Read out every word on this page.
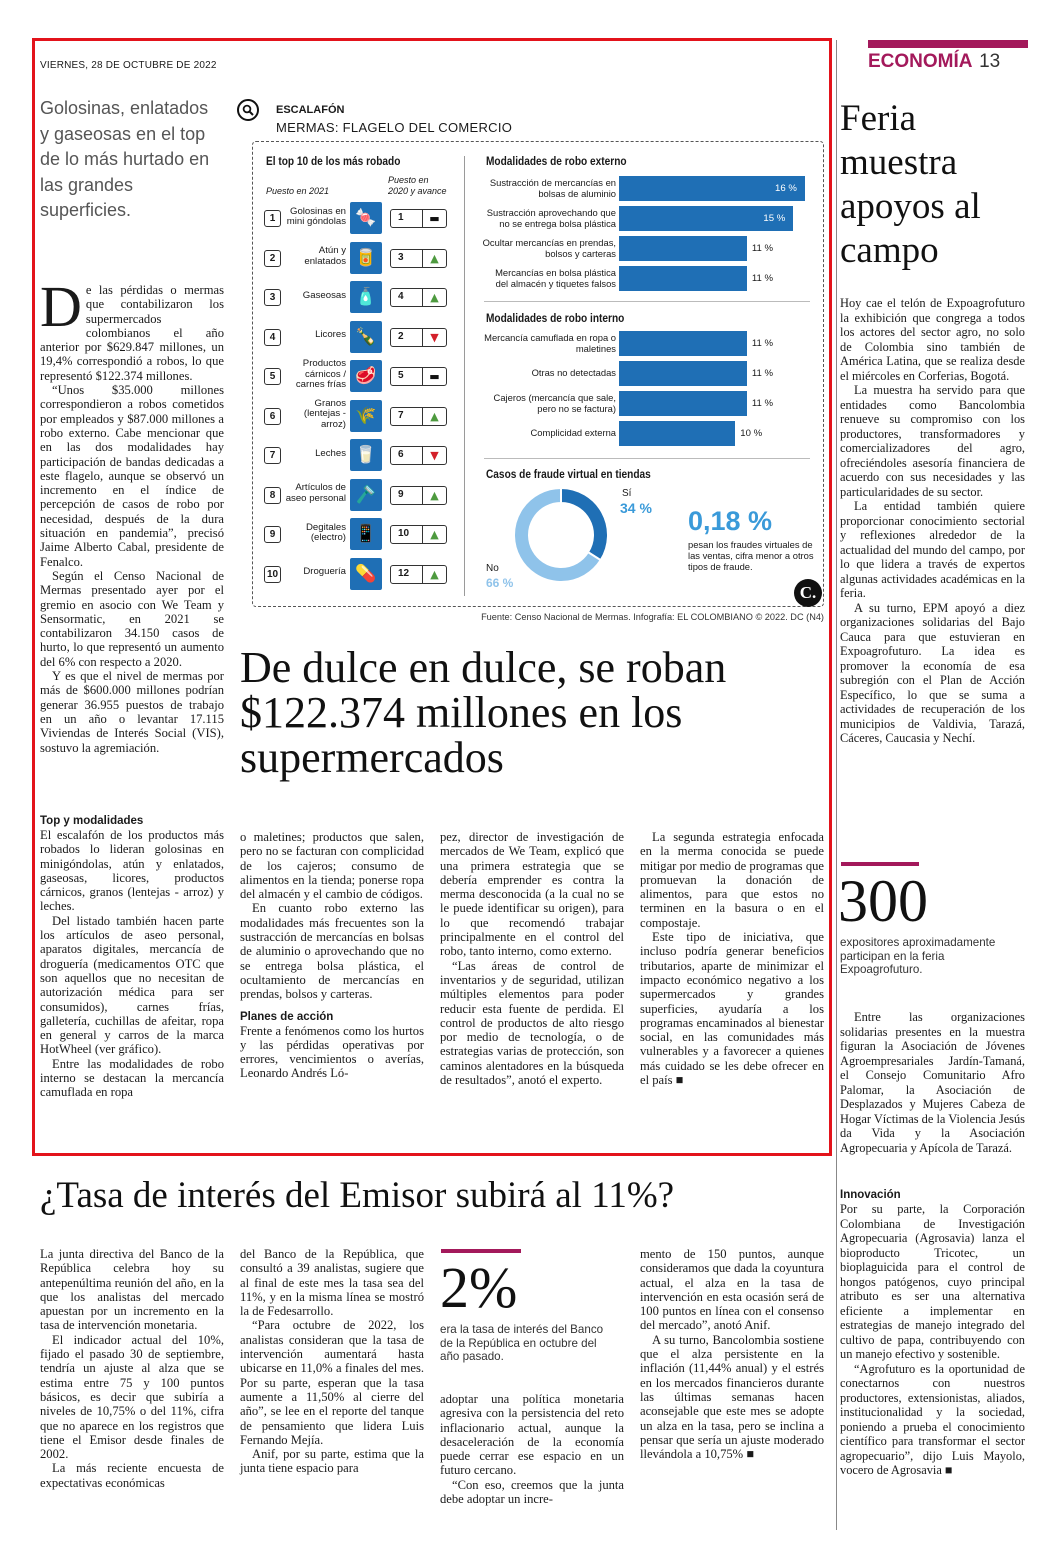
VIERNES, 28 DE OCTUBRE DE 2022	ECONOMÍA 13
Golosinas, enlatados y gaseosas en el top de lo más hurtado en las grandes superficies.
D e las pérdidas o mermas que contabilizaron los supermercados colombianos el año anterior por $629.847 millones, un 19,4% correspondió a robos, lo que representó $122.374 millones.

“Unos $35.000 millones correspondieron a robos cometidos por empleados y $87.000 millones a robo externo. Cabe mencionar que en las dos modalidades hay participación de bandas dedicadas a este flagelo, aunque se observó un incremento en el índice de percepción de casos de robo por necesidad, después de la dura situación en pandemia”, precisó Jaime Alberto Cabal, presidente de Fenalco.

Según el Censo Nacional de Mermas presentado ayer por el gremio en asocio con We Team y Sensormatic, en 2021 se contabilizaron 34.150 casos de hurto, lo que representó un aumento del 6% con respecto a 2020.

Y es que el nivel de mermas por más de $600.000 millones podrían generar 36.955 puestos de trabajo en un año o levantar 17.115 Viviendas de Interés Social (VIS), sostuvo la agremiación.

ESCALAFÓN
MERMAS: FLAGELO DEL COMERCIO
El top 10 de los más robado
Puesto en 2021
Puesto en 2020 y avance
1
Golosinas en mini góndolas 🍬	1	▬
2
Atún y enlatados 🥫	3	▲
3	Gaseosas 🧴	4	▲
4	Licores 🍾	2	▼
5
Productos cárnicos / carnes frías 🥩	5	▬
6
Granos (lentejas - arroz) 🌾	7	▲
7	Leches 🥛	6	▼
8
Artículos de aseo personal 🪒	9	▲
9
Degitales (electro) 📱	10	▲
10	Droguería 💊	12	▲
Modalidades de robo externo
Sustracción de mercancías en bolsas de aluminio	16 %
Sustracción aprovechando que no se entrega bolsa plástica	15 %
Ocultar mercancías en prendas, bolsos y carteras	11 %
Mercancías en bolsa plástica del almacén y tiquetes falsos	11 %
Modalidades de robo interno
Mercancía camuflada en ropa o maletines	11 %
Otras no detectadas	11 %
Cajeros (mercancía que sale, pero no se factura)	11 %
Complicidad externa	10 %
Casos de fraude virtual en tiendas
Sí
34 %
No
66 %
0,18 %
pesan los fraudes virtuales de las ventas, cifra menor a otros tipos de fraude.
C.
Fuente: Censo Nacional de Mermas. Infografía: EL COLOMBIANO © 2022. DC (N4)
De dulce en dulce, se roban $122.374 millones en los supermercados
Top y modalidades

El escalafón de los productos más robados lo lideran golosinas en minigóndolas, atún y enlatados, gaseosas, licores, productos cárnicos, granos (lentejas - arroz) y leches.

Del listado también hacen parte los artículos de aseo personal, aparatos digitales, mercancía de droguería (medicamentos OTC que son aquellos que no necesitan de autorización médica para ser consumidos), carnes frías, galletería, cuchillas de afeitar, ropa en general y carros de la marca HotWheel (ver gráfico).

Entre las modalidades de robo interno se destacan la mercancía camuflada en ropa

o maletines; productos que salen, pero no se facturan con complicidad de los cajeros; consumo de alimentos en la tienda; ponerse ropa del almacén y el cambio de códigos.

En cuanto robo externo las modalidades más frecuentes son la sustracción de mercancías en bolsas de aluminio o aprovechando que no se entrega bolsa plástica, el ocultamiento de mercancías en prendas, bolsos y carteras.

Planes de acción

Frente a fenómenos como los hurtos y las pérdidas operativas por errores, vencimientos o averías, Leonardo Andrés Ló-

pez, director de investigación de mercados de We Team, explicó que una primera estrategia que se debería emprender es contra la merma desconocida (a la cual no se le puede identificar su origen), para lo que recomendó trabajar principalmente en el control del robo, tanto interno, como externo.

“Las áreas de control de inventarios y de seguridad, utilizan múltiples elementos para poder reducir esta fuente de perdida. El control de productos de alto riesgo por medio de tecnología, o de estrategias varias de protección, son caminos alentadores en la búsqueda de resultados”, anotó el experto.

La segunda estrategia enfocada en la merma conocida se puede mitigar por medio de programas que promuevan la donación de alimentos, para que estos no terminen en la basura o en el compostaje.

Este tipo de iniciativa, que incluso podría generar beneficios tributarios, aparte de minimizar el impacto económico negativo a los supermercados y grandes superficies, ayudaría a los programas encaminados al bienestar social, en las comunidades más vulnerables y a favorecer a quienes más cuidado se les debe ofrecer en el país ■

Feria muestra apoyos al campo

Hoy cae el telón de Expoagrofuturo la exhibición que congrega a todos los actores del sector agro, no solo de Colombia sino también de América Latina, que se realiza desde el miércoles en Corferias, Bogotá.

La muestra ha servido para que entidades como Bancolombia renueve su compromiso con los productores, transformadores y comercializadores del agro, ofreciéndoles asesoría financiera de acuerdo con sus necesidades y las particularidades de su sector.

La entidad también quiere proporcionar conocimiento sectorial y reflexiones alrededor de la actualidad del mundo del campo, por lo que lidera a través de expertos algunas actividades académicas en la feria.

A su turno, EPM apoyó a diez organizaciones solidarias del Bajo Cauca para que estuvieran en Expoagrofuturo. La idea es promover la economía de esa subregión con el Plan de Acción Específico, lo que se suma a actividades de recuperación de los municipios de Valdivia, Tarazá, Cáceres, Caucasia y Nechí.

300
expositores aproximadamente participan en la feria Expoagrofuturo.

Entre las organizaciones solidarias presentes en la muestra figuran la Asociación de Jóvenes Agroempresariales Jardín-Tamaná, el Consejo Comunitario Afro Palomar, la Asociación de Desplazados y Mujeres Cabeza de Hogar Víctimas de la Violencia Jesús da Vida y la Asociación Agropecuaria y Apícola de Tarazá.

Innovación

Por su parte, la Corporación Colombiana de Investigación Agropecuaria (Agrosavia) lanza el bioproducto Tricotec, un bioplaguicida para el control de hongos patógenos, cuyo principal atributo es ser una alternativa eficiente a implementar en estrategias de manejo integrado del cultivo de papa, contribuyendo con un manejo efectivo y sostenible.

“Agrofuturo es la oportunidad de conectarnos con nuestros productores, extensionistas, aliados, institucionalidad y la sociedad, poniendo a prueba el conocimiento científico para transformar el sector agropecuario”, dijo Luis Mayolo, vocero de Agrosavia ■

¿Tasa de interés del Emisor subirá al 11%?

La junta directiva del Banco de la República celebra hoy su antepenúltima reunión del año, en la que los analistas del mercado apuestan por un incremento en la tasa de intervención monetaria.

El indicador actual del 10%, fijado el pasado 30 de septiembre, tendría un ajuste al alza que se estima entre 75 y 100 puntos básicos, es decir que subiría a niveles de 10,75% o del 11%, cifra que no aparece en los registros que tiene el Emisor desde finales de 2002.

La más reciente encuesta de expectativas económicas

del Banco de la República, que consultó a 39 analistas, sugiere que al final de este mes la tasa sea del 11%, y en la misma línea se mostró la de Fedesarrollo.

“Para octubre de 2022, los analistas consideran que la tasa de intervención aumentará hasta ubicarse en 11,0% a finales del mes. Por su parte, esperan que la tasa aumente a 11,50% al cierre del año”, se lee en el reporte del tanque de pensamiento que lidera Luis Fernando Mejía.

Anif, por su parte, estima que la junta tiene espacio para

2%
era la tasa de interés del Banco de la República en octubre del año pasado.

adoptar una política monetaria agresiva con la persistencia del reto inflacionario actual, aunque la desaceleración de la economía puede cerrar ese espacio en un futuro cercano.

“Con eso, creemos que la junta debe adoptar un incre-

mento de 150 puntos, aunque consideramos que dada la coyuntura actual, el alza en la tasa de intervención en esta ocasión será de 100 puntos en línea con el consenso del mercado”, anotó Anif.

A su turno, Bancolombia sostiene que el alza persistente en la inflación (11,44% anual) y el estrés en los mercados financieros durante las últimas semanas hacen aconsejable que este mes se adopte un alza en la tasa, pero se inclina a pensar que sería un ajuste moderado llevándola a 10,75% ■
